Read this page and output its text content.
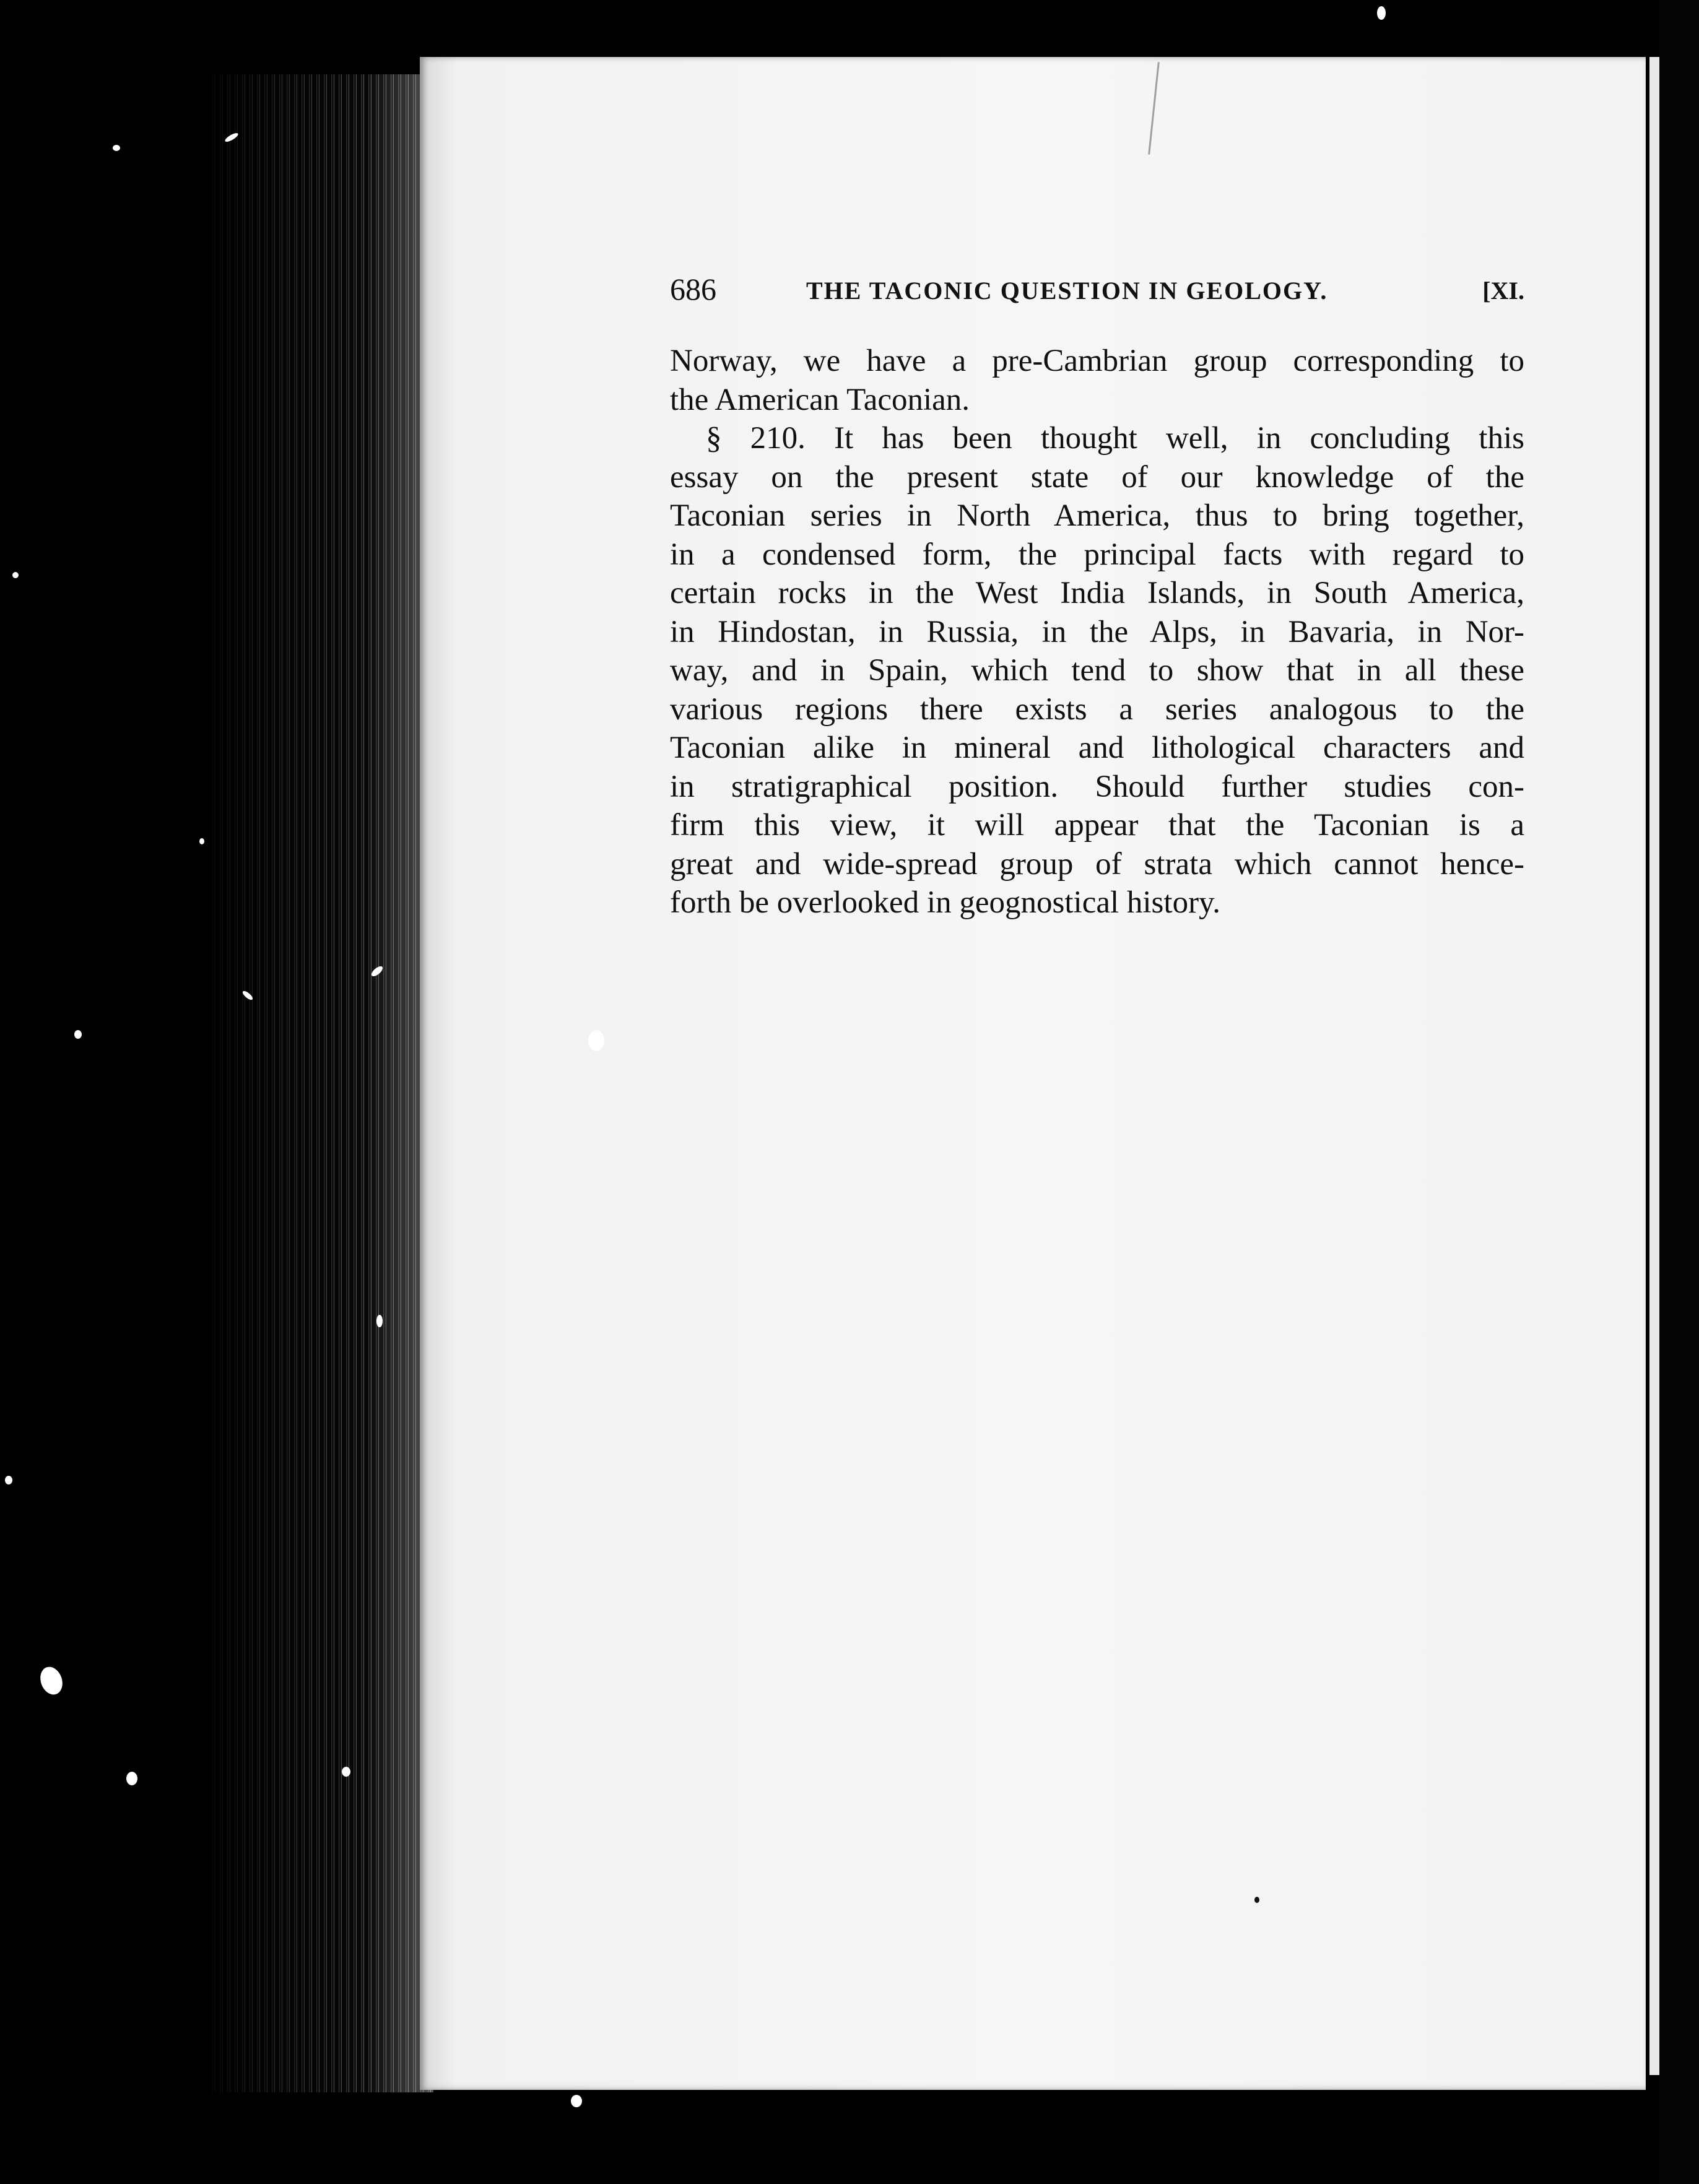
686	THE TACONIC QUESTION IN GEOLOGY.	[XI.
Norway, we have a pre-Cambrian group corresponding to
the American Taconian.
§ 210. It has been thought well, in concluding this
essay on the present state of our knowledge of the
Taconian series in North America, thus to bring together,
in a condensed form, the principal facts with regard to
certain rocks in the West India Islands, in South America,
in Hindostan, in Russia, in the Alps, in Bavaria, in Nor-
way, and in Spain, which tend to show that in all these
various regions there exists a series analogous to the
Taconian alike in mineral and lithological characters and
in stratigraphical position. Should further studies con-
firm this view, it will appear that the Taconian is a
great and wide-spread group of strata which cannot hence-
forth be overlooked in geognostical history.
